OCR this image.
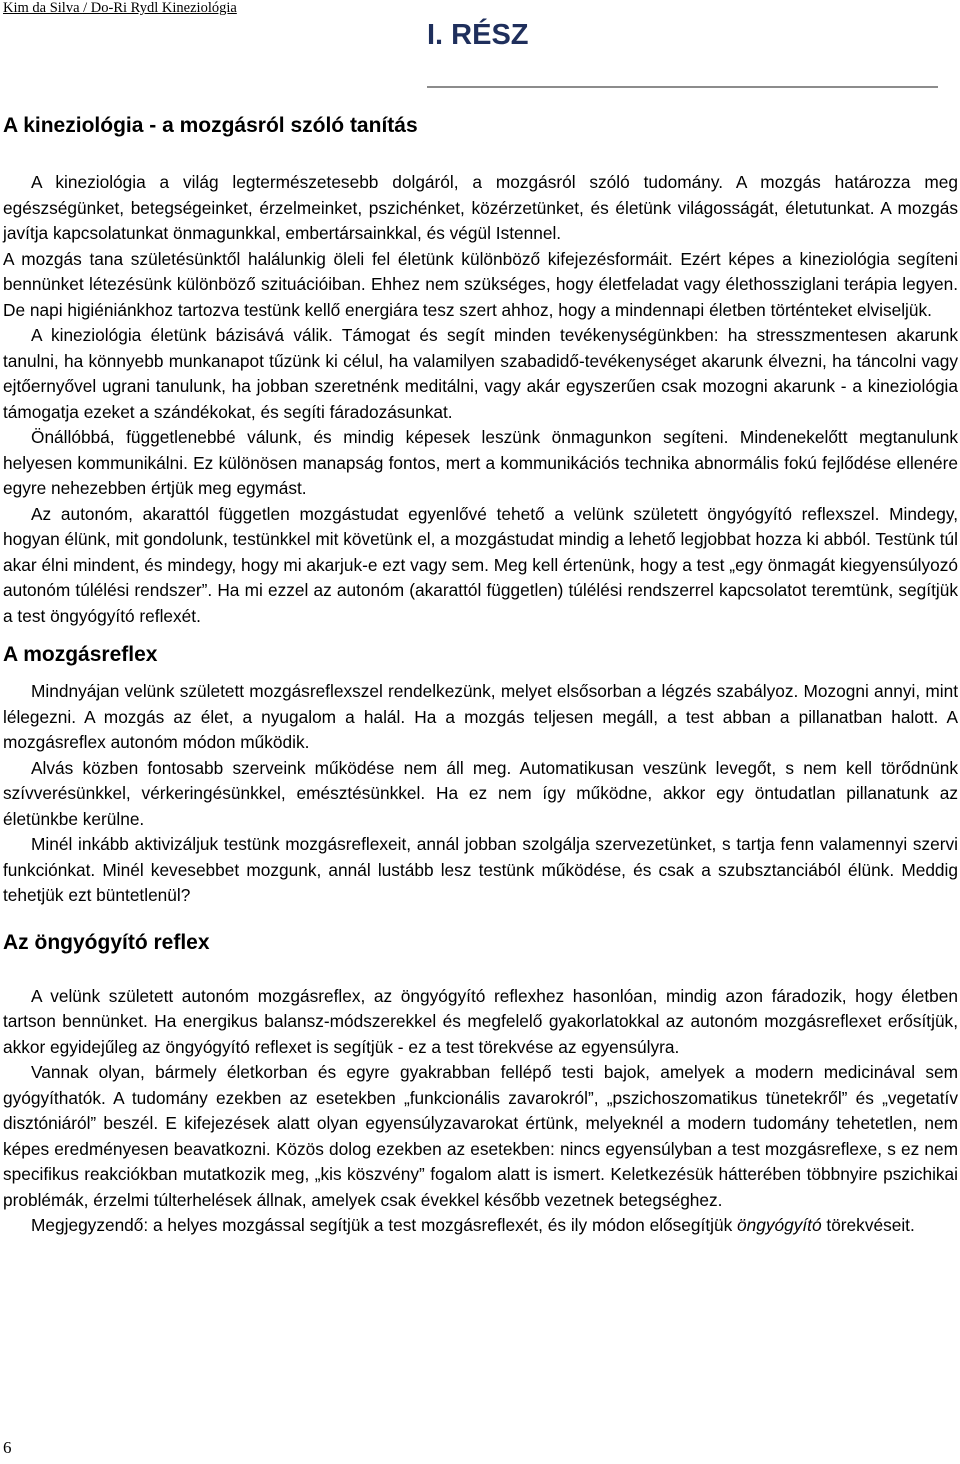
Kim da Silva / Do-Ri Rydl Kineziológia
I. RÉSZ
A kineziológia - a mozgásról szóló tanítás

A kineziológia a világ legtermészetesebb dolgáról, a mozgásról szóló tudomány. A mozgás határozza meg egészségünket, betegségeinket, érzelmeinket, pszichénket, közérzetünket, és életünk világosságát, életutunkat. A mozgás javítja kapcsolatunkat önmagunkkal, embertársainkkal, és végül Istennel.

A mozgás tana születésünktől halálunkig öleli fel életünk különböző kifejezésformáit. Ezért képes a kineziológia segíteni bennünket létezésünk különböző szituációiban. Ehhez nem szükséges, hogy életfeladat vagy élethossziglani terápia legyen. De napi higiéniánkhoz tartozva testünk kellő energiára tesz szert ahhoz, hogy a mindennapi életben történteket elviseljük.

A kineziológia életünk bázisává válik. Támogat és segít minden tevékenységünkben: ha stresszmentesen akarunk tanulni, ha könnyebb munkanapot tűzünk ki célul, ha valamilyen szabadidő-tevékenységet akarunk élvezni, ha táncolni vagy ejtőernyővel ugrani tanulunk, ha jobban szeretnénk meditálni, vagy akár egyszerűen csak mozogni akarunk - a kineziológia támogatja ezeket a szándékokat, és segíti fáradozásunkat.

Önállóbbá, függetlenebbé válunk, és mindig képesek leszünk önmagunkon segíteni. Mindenekelőtt megtanulunk helyesen kommunikálni. Ez különösen manapság fontos, mert a kommunikációs technika abnormális fokú fejlődése ellenére egyre nehezebben értjük meg egymást.

Az autonóm, akarattól független mozgástudat egyenlővé tehető a velünk született öngyógyító reflexszel. Mindegy, hogyan élünk, mit gondolunk, testünkkel mit követünk el, a mozgástudat mindig a lehető legjobbat hozza ki abból. Testünk túl akar élni mindent, és mindegy, hogy mi akarjuk-e ezt vagy sem. Meg kell értenünk, hogy a test „egy önmagát kiegyensúlyozó autonóm túlélési rendszer”. Ha mi ezzel az autonóm (akarattól független) túlélési rendszerrel kapcsolatot teremtünk, segítjük a test öngyógyító reflexét.

A mozgásreflex

Mindnyájan velünk született mozgásreflexszel rendelkezünk, melyet elsősorban a légzés szabályoz. Mozogni annyi, mint lélegezni. A mozgás az élet, a nyugalom a halál. Ha a mozgás teljesen megáll, a test abban a pillanatban halott. A mozgásreflex autonóm módon működik.

Alvás közben fontosabb szerveink működése nem áll meg. Automatikusan veszünk levegőt, s nem kell törődnünk szívverésünkkel, vérkeringésünkkel, emésztésünkkel. Ha ez nem így működne, akkor egy öntudatlan pillanatunk az életünkbe kerülne.

Minél inkább aktivizáljuk testünk mozgásreflexeit, annál jobban szolgálja szervezetünket, s tartja fenn valamennyi szervi funkciónkat. Minél kevesebbet mozgunk, annál lustább lesz testünk működése, és csak a szubsztanciából élünk. Meddig tehetjük ezt büntetlenül?

Az öngyógyító reflex

A velünk született autonóm mozgásreflex, az öngyógyító reflexhez hasonlóan, mindig azon fáradozik, hogy életben tartson bennünket. Ha energikus balansz-módszerekkel és megfelelő gyakorlatokkal az autonóm mozgásreflexet erősítjük, akkor egyidejűleg az öngyógyító reflexet is segítjük - ez a test törekvése az egyensúlyra.

Vannak olyan, bármely életkorban és egyre gyakrabban fellépő testi bajok, amelyek a modern medicinával sem gyógyíthatók. A tudomány ezekben az esetekben „funkcionális zavarokról”, „pszichoszomatikus tünetekről” és „vegetatív disztóniáról” beszél. E kifejezések alatt olyan egyensúlyzavarokat értünk, melyeknél a modern tudomány tehetetlen, nem képes eredményesen beavatkozni. Közös dolog ezekben az esetekben: nincs egyensúlyban a test mozgásreflexe, s ez nem specifikus reakciókban mutatkozik meg, „kis köszvény” fogalom alatt is ismert. Keletkezésük hátterében többnyire pszichikai problémák, érzelmi túlterhelések állnak, amelyek csak évekkel később vezetnek betegséghez.

Megjegyzendő: a helyes mozgással segítjük a test mozgásreflexét, és ily módon elősegítjük öngyógyító törekvéseit.

6
